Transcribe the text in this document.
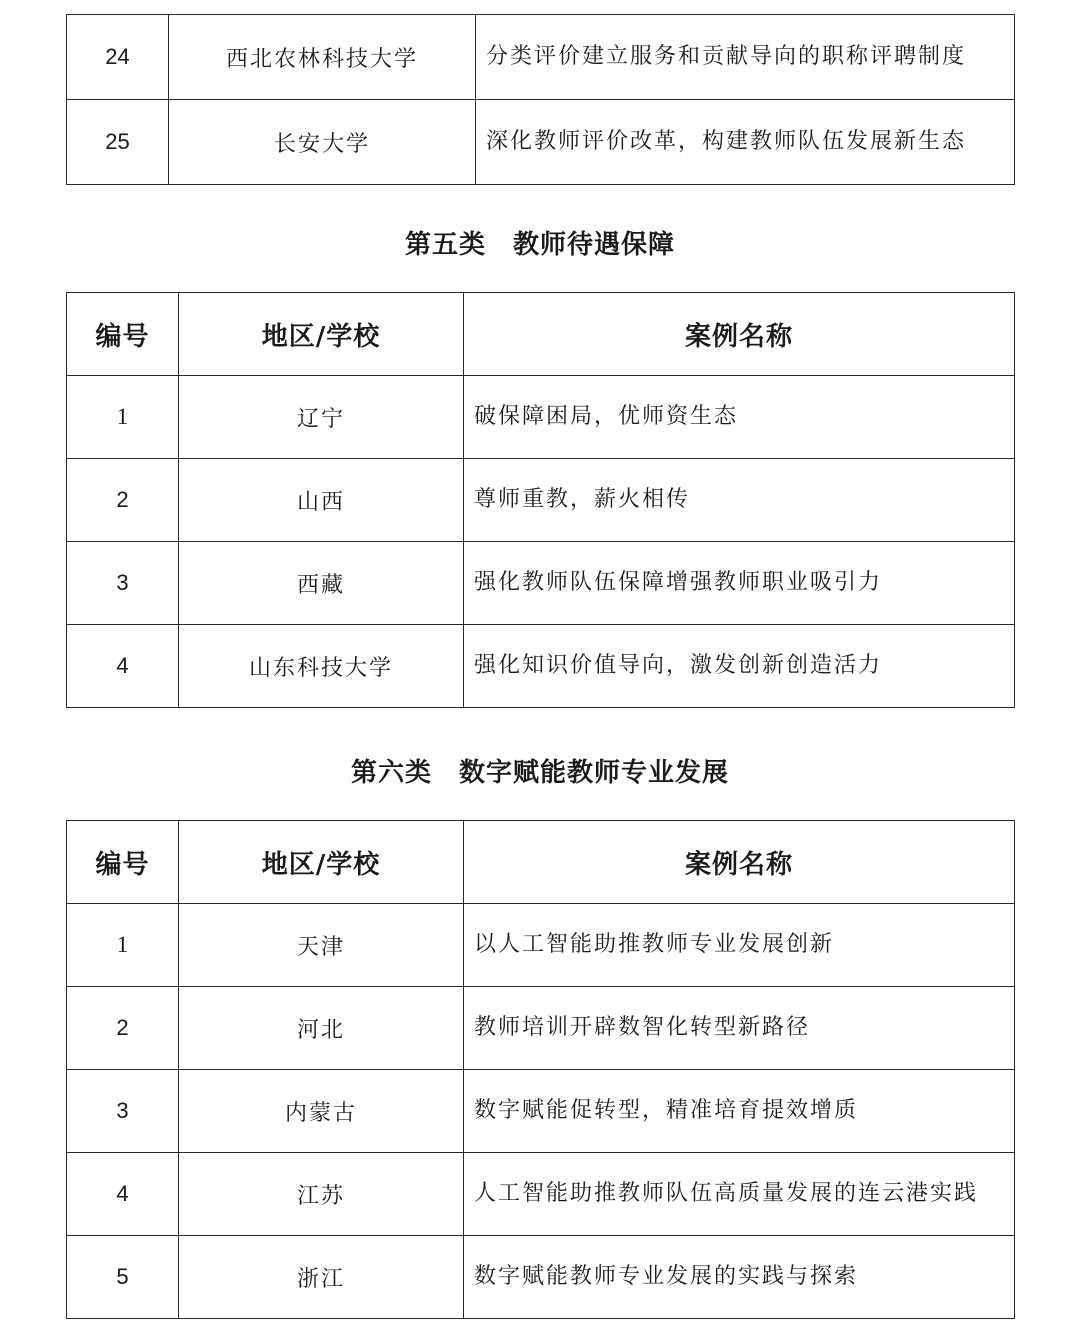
24	西北农林科技大学	分类评价建立服务和贡献导向的职称评聘制度
25	长安大学	深化教师评价改革，构建教师队伍发展新生态
第五类　教师待遇保障
编号	地区/学校	案例名称
1	辽宁	破保障困局，优师资生态
2	山西	尊师重教，薪火相传
3	西藏	强化教师队伍保障增强教师职业吸引力
4	山东科技大学	强化知识价值导向，激发创新创造活力
第六类　数字赋能教师专业发展
编号	地区/学校	案例名称
1	天津	以人工智能助推教师专业发展创新
2	河北	教师培训开辟数智化转型新路径
3	内蒙古	数字赋能促转型，精准培育提效增质
4	江苏	人工智能助推教师队伍高质量发展的连云港实践
5	浙江	数字赋能教师专业发展的实践与探索
